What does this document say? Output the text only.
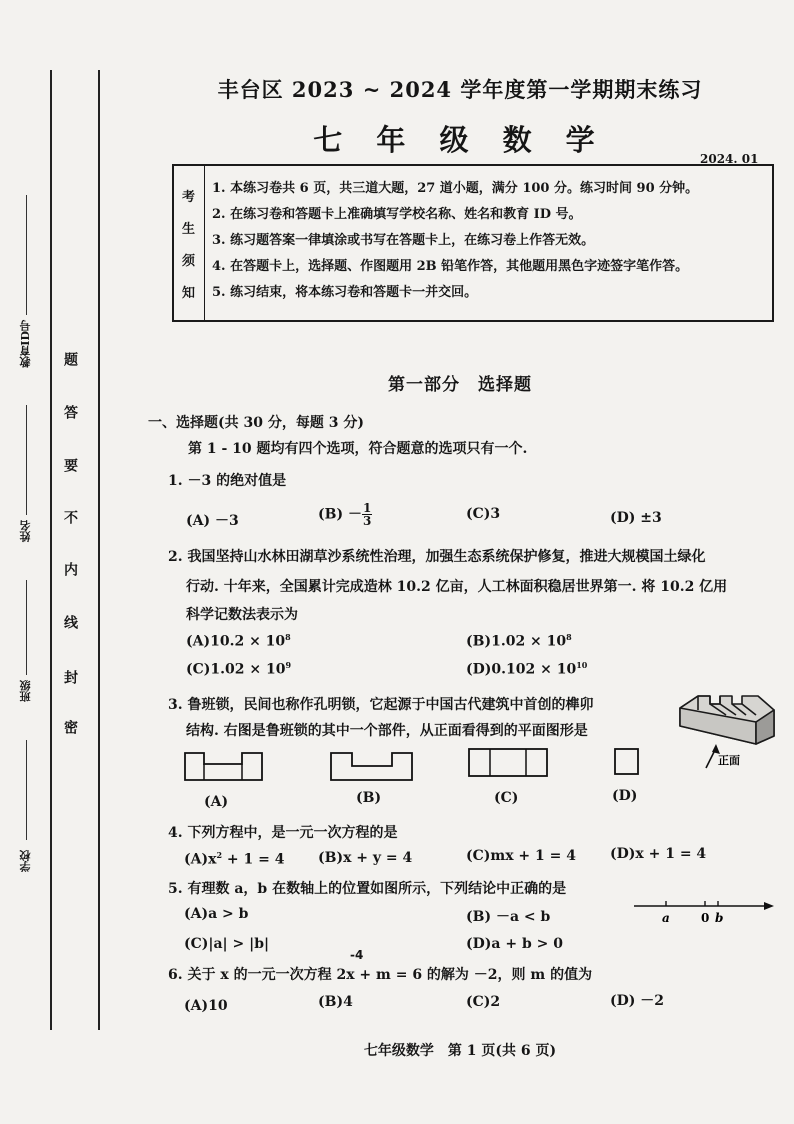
学校
班级
姓名
教育ID号
密
封
线
内
不
要
答
题
丰台区 2023 ~ 2024 学年度第一学期期末练习
七 年 级 数 学
2024. 01
考
生
须
知
1. 本练习卷共 6 页，共三道大题，27 道小题，满分 100 分。练习时间 90 分钟。
2. 在练习卷和答题卡上准确填写学校名称、姓名和教育 ID 号。
3. 练习题答案一律填涂或书写在答题卡上，在练习卷上作答无效。
4. 在答题卡上，选择题、作图题用 2B 铅笔作答，其他题用黑色字迹签字笔作答。
5. 练习结束，将本练习卷和答题卡一并交回。
第一部分　选择题
一、选择题(共 30 分，每题 3 分)
第 1 - 10 题均有四个选项，符合题意的选项只有一个.
1. －3 的绝对值是
(A) －3	$(B) - \frac{1}{3}$	(C)3	(D) ±3
2. 我国坚持山水林田湖草沙系统性治理，加强生态系统保护修复，推进大规模国土绿化
行动. 十年来，全国累计完成造林 10.2 亿亩，人工林面积稳居世界第一. 将 10.2 亿用
科学记数法表示为
$(A)10.2 \times 10^8$	$(B)1.02 \times 10^8$
$(C)1.02 \times 10^9$	$(D)0.102 \times 10^{10}$
3. 鲁班锁，民间也称作孔明锁，它起源于中国古代建筑中首创的榫卯
结构. 右图是鲁班锁的其中一个部件，从正面看得到的平面图形是
正面
(A)	(B)	(C)	(D)
4. 下列方程中，是一元一次方程的是
$(A)x^2 + 1 = 4$ (B)x + y = 4	(C)mx + 1 = 4 (D)x + 1 = 4
5. 有理数 a，b 在数轴上的位置如图所示，下列结论中正确的是
(A)a > b	(B) －a < b
(C)|a| > |b|	(D)a + b > 0
a	0 b
-4
6. 关于 x 的一元一次方程 2x + m = 6 的解为 －2，则 m 的值为
(A)10	(B)4	(C)2	(D) －2
七年级数学　第 1 页(共 6 页)
